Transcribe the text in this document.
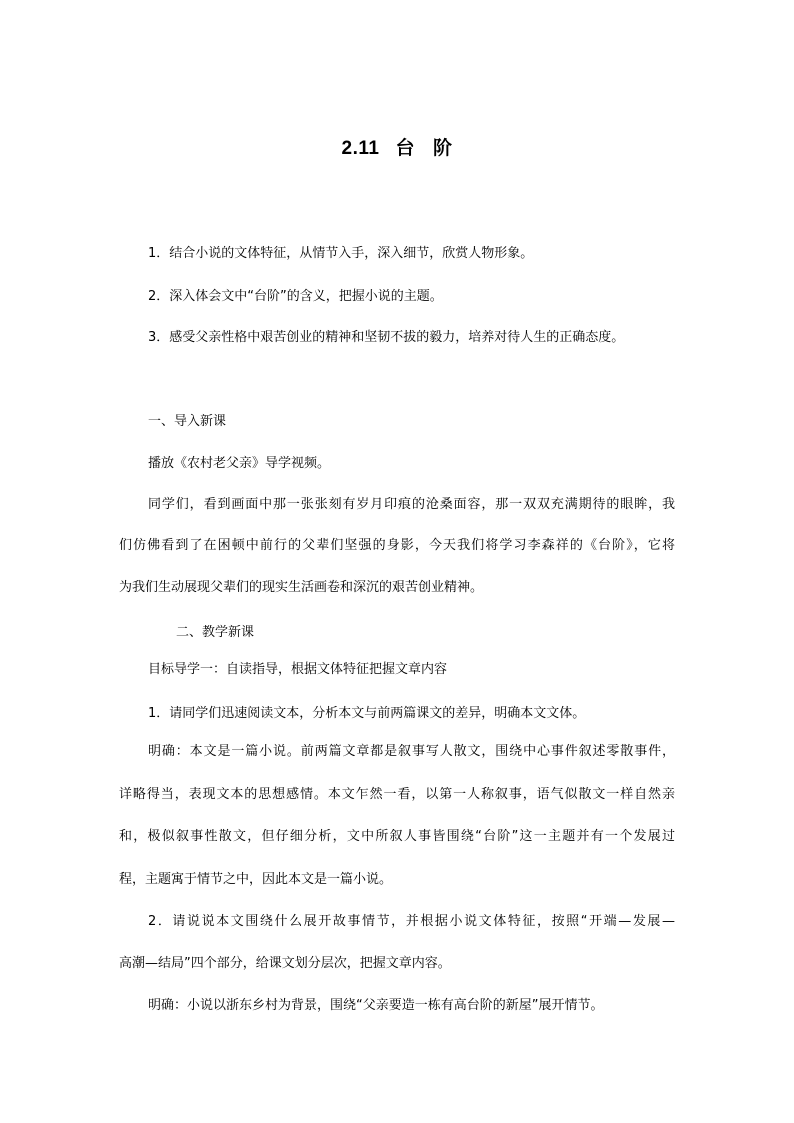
2.11 台 阶
1．结合小说的文体特征，从情节入手，深入细节，欣赏人物形象。
2．深入体会文中“台阶”的含义，把握小说的主题。
3．感受父亲性格中艰苦创业的精神和坚韧不拔的毅力，培养对待人生的正确态度。
一、导入新课
播放《农村老父亲》导学视频。
同学们，看到画面中那一张张刻有岁月印痕的沧桑面容，那一双双充满期待的眼眸，我
们仿佛看到了在困顿中前行的父辈们坚强的身影，今天我们将学习李森祥的《台阶》，它将
为我们生动展现父辈们的现实生活画卷和深沉的艰苦创业精神。
二、教学新课
目标导学一：自读指导，根据文体特征把握文章内容
1．请同学们迅速阅读文本，分析本文与前两篇课文的差异，明确本文文体。
明确：本文是一篇小说。前两篇文章都是叙事写人散文，围绕中心事件叙述零散事件，
详略得当，表现文本的思想感情。本文乍然一看，以第一人称叙事，语气似散文一样自然亲
和，极似叙事性散文，但仔细分析，文中所叙人事皆围绕“台阶”这一主题并有一个发展过
程，主题寓于情节之中，因此本文是一篇小说。
2．请说说本文围绕什么展开故事情节，并根据小说文体特征，按照“开端—发展—
高潮—结局”四个部分，给课文划分层次，把握文章内容。
明确：小说以浙东乡村为背景，围绕“父亲要造一栋有高台阶的新屋”展开情节。
